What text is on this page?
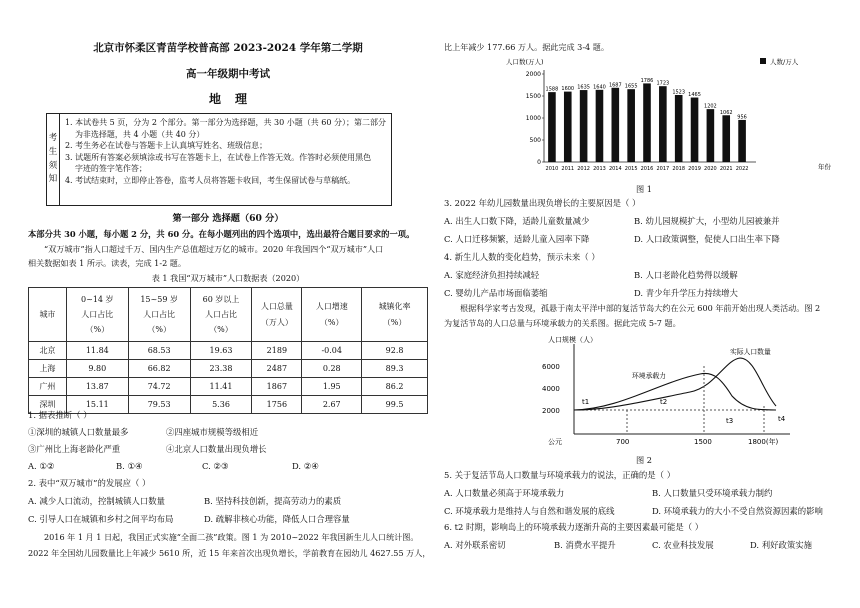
北京市怀柔区青苗学校普高部 2023-2024 学年第二学期
高一年级期中考试
地理
考
生
须
知
1. 本试卷共 5 页，分为 2 个部分。第一部分为选择题，共 30 小题（共 60 分）；第二部分
为非选择题，共 4 小题（共 40 分）
2. 考生务必在试卷与答题卡上认真填写姓名、班级信息；
3. 试题所有答案必须填涂或书写在答题卡上，在试卷上作答无效。作答时必须使用黑色
字迹的签字笔作答；
4. 考试结束时，立即停止答卷，监考人员将答题卡收回，考生保留试卷与草稿纸。
第一部分 选择题（60 分）
本部分共 30 小题，每小题 2 分，共 60 分。在每小题列出的四个选项中，选出最符合题目要求的一项。
“双万城市”指人口超过千万、国内生产总值超过万亿的城市。2020 年我国四个“双万城市”人口
相关数据如表 1 所示。读表，完成 1-2 题。
表 1 我国“双万城市”人口数据表（2020）
城市	0~14 岁
人口占比
（%）	15~59 岁
人口占比
（%）	60 岁以上
人口占比
（%）	人口总量
（万人）	人口增速
（%）	城镇化率
（%）
北京	11.84	68.53	19.63	2189	-0.04	92.8
上海	9.80	66.82	23.38	2487	0.28	89.3
广州	13.87	74.72	11.41	1867	1.95	86.2
深圳	15.11	79.53	5.36	1756	2.67	99.5
1. 据表推断（ ）
①深圳的城镇人口数量最多	②四座城市规模等级相近
③广州比上海老龄化严重	④北京人口数量出现负增长
A. ①②	B. ①④	C. ②③	D. ②④
2. 表中“双万城市”的发展应（ ）
A. 减少人口流动，控制城镇人口数量	B. 坚持科技创新，提高劳动力的素质
C. 引导人口在城镇和乡村之间平均布局	D. 疏解非核心功能，降低人口合理容量
2016 年 1 月 1 日起，我国正式实施“全面二孩”政策。图 1 为 2010~2022 年我国新生儿人口统计图。
2022 年全国幼儿园数量比上年减少 5610 所，近 15 年来首次出现负增长，学前教育在园幼儿 4627.55 万人，
比上年减少 177.66 万人。据此完成 3-4 题。
人口数(万人)	人数/万人
0
500
1000
1500
2000
1588 1600 1635 1640 1687 1655
1786 1723
1523 1465
1202
1062
956
2010 2011 2012 2013 2014 2015 2016 2017 2018 2019 2020 2021 2022	年份
图 1
3. 2022 年幼儿园数量出现负增长的主要原因是（ ）
A. 出生人口数下降，适龄儿童数量减少	B. 幼儿园规模扩大，小型幼儿园被兼并
C. 人口迁移频繁，适龄儿童入园率下降	D. 人口政策调整，促使人口出生率下降
4. 新生儿人数的变化趋势，预示未来（ ）
A. 家庭经济负担持续减轻	B. 人口老龄化趋势得以缓解
C. 婴幼儿产品市场面临萎缩	D. 青少年升学压力持续增大
根据科学家考古发现，孤悬于南太平洋中部的复活节岛大约在公元 600 年前开始出现人类活动。图 2
为复活节岛的人口总量与环境承载力的关系图。据此完成 5-7 题。
人口规模（人）
6000
4000
2000
实际人口数量
环境承载力
t1	t2
t3	t4
公元	700	1500	1800(年)
图 2
5. 关于复活节岛人口数量与环境承载力的说法，正确的是（ ）
A. 人口数量必须高于环境承载力	B. 人口数量只受环境承载力制约
C. 环境承载力是维持人与自然和谐发展的底线	D. 环境承载力的大小不受自然资源因素的影响
6. t2 时期，影响岛上的环境承载力逐渐升高的主要因素最可能是（ ）
A. 对外联系密切	B. 消费水平提升	C. 农业科技发展	D. 利好政策实施
